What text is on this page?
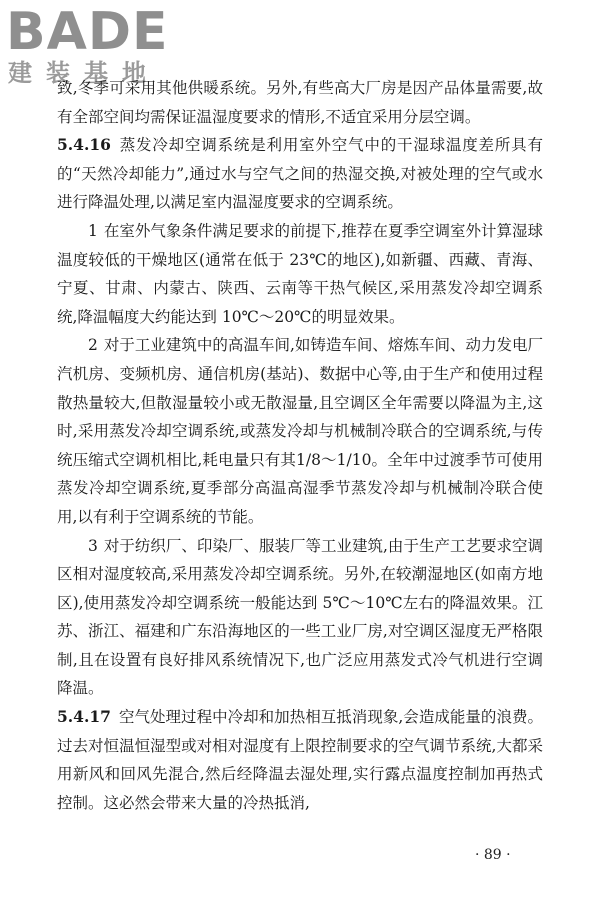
BADE
建装基地

致,冬季可采用其他供暖系统。另外,有些高大厂房是因产品体量需要,故有全部空间均需保证温湿度要求的情形,不适宜采用分层空调。

5.4.16 蒸发冷却空调系统是利用室外空气中的干湿球温度差所具有的“天然冷却能力”,通过水与空气之间的热湿交换,对被处理的空气或水进行降温处理,以满足室内温湿度要求的空调系统。

1 在室外气象条件满足要求的前提下,推荐在夏季空调室外计算湿球温度较低的干燥地区(通常在低于 23℃的地区),如新疆、西藏、青海、宁夏、甘肃、内蒙古、陕西、云南等干热气候区,采用蒸发冷却空调系统,降温幅度大约能达到 10℃～20℃的明显效果。

2 对于工业建筑中的高温车间,如铸造车间、熔炼车间、动力发电厂汽机房、变频机房、通信机房(基站)、数据中心等,由于生产和使用过程散热量较大,但散湿量较小或无散湿量,且空调区全年需要以降温为主,这时,采用蒸发冷却空调系统,或蒸发冷却与机械制冷联合的空调系统,与传统压缩式空调机相比,耗电量只有其1/8～1/10。全年中过渡季节可使用蒸发冷却空调系统,夏季部分高温高湿季节蒸发冷却与机械制冷联合使用,以有利于空调系统的节能。

3 对于纺织厂、印染厂、服装厂等工业建筑,由于生产工艺要求空调区相对湿度较高,采用蒸发冷却空调系统。另外,在较潮湿地区(如南方地区),使用蒸发冷却空调系统一般能达到 5℃～10℃左右的降温效果。江苏、浙江、福建和广东沿海地区的一些工业厂房,对空调区湿度无严格限制,且在设置有良好排风系统情况下,也广泛应用蒸发式冷气机进行空调降温。

5.4.17 空气处理过程中冷却和加热相互抵消现象,会造成能量的浪费。过去对恒温恒湿型或对相对湿度有上限控制要求的空气调节系统,大都采用新风和回风先混合,然后经降温去湿处理,实行露点温度控制加再热式控制。这必然会带来大量的冷热抵消,

· 89 ·
